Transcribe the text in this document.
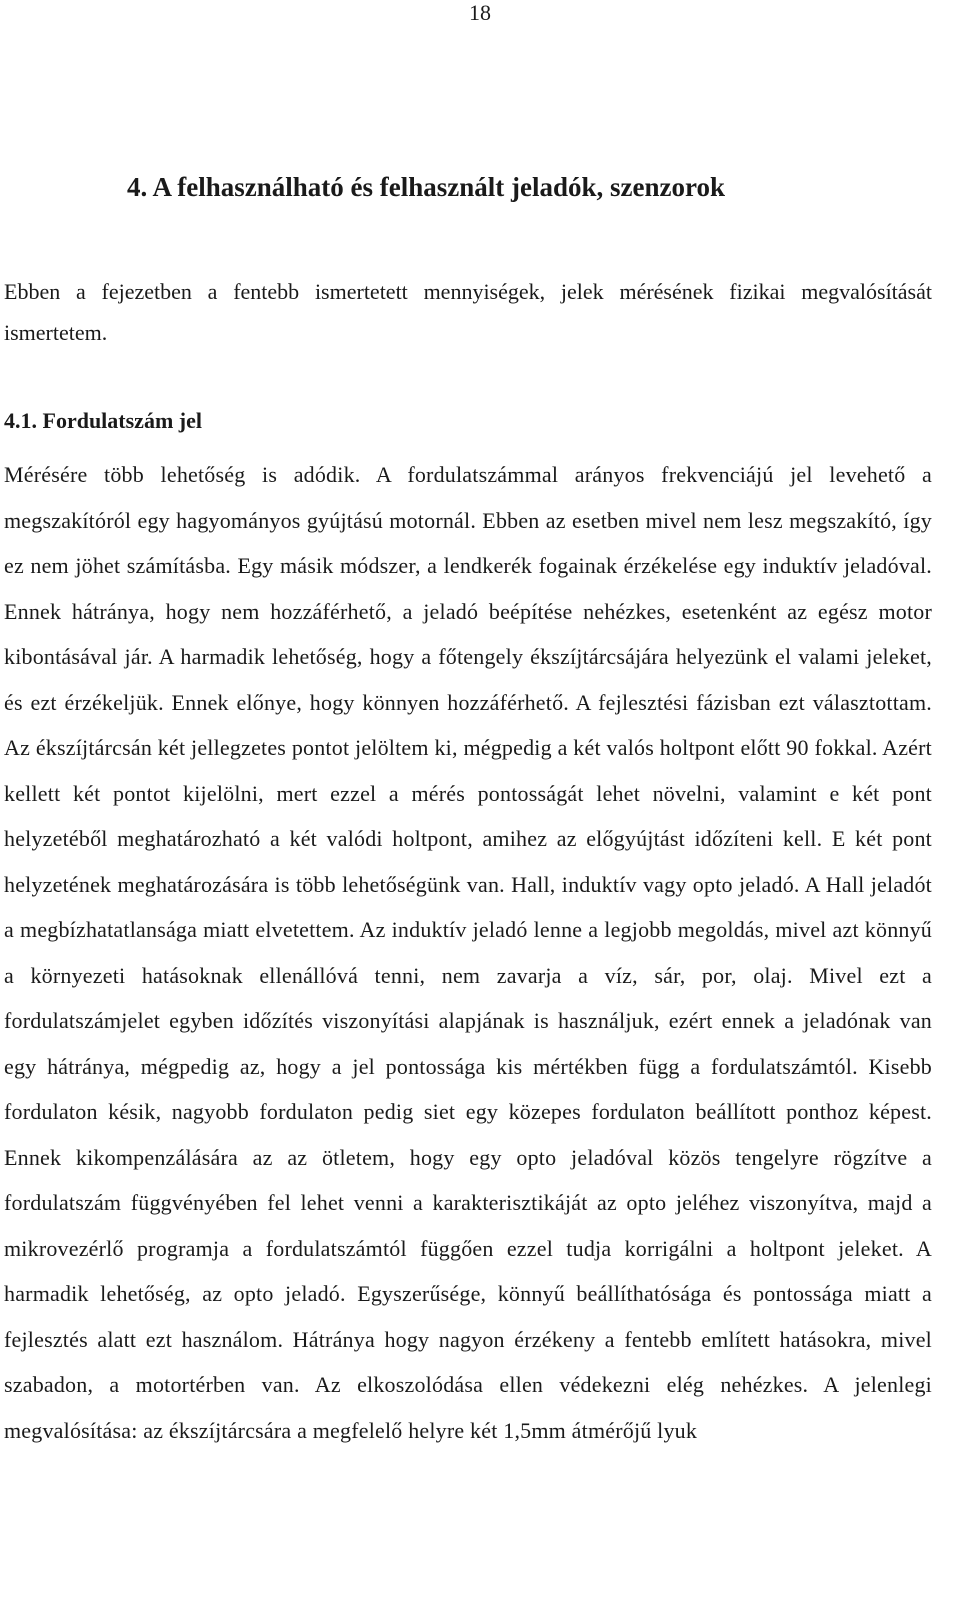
18
4. A felhasználható és felhasznált jeladók, szenzorok

Ebben a fejezetben a fentebb ismertetett mennyiségek, jelek mérésének fizikai megvalósítását ismertetem.

4.1. Fordulatszám jel

Mérésére több lehetőség is adódik. A fordulatszámmal arányos frekvenciájú jel levehető a megszakítóról egy hagyományos gyújtású motornál. Ebben az esetben mivel nem lesz megszakító, így ez nem jöhet számításba. Egy másik módszer, a lendkerék fogainak érzékelése egy induktív jeladóval. Ennek hátránya, hogy nem hozzáférhető, a jeladó beépítése nehézkes, esetenként az egész motor kibontásával jár. A harmadik lehetőség, hogy a főtengely ékszíjtárcsájára helyezünk el valami jeleket, és ezt érzékeljük. Ennek előnye, hogy könnyen hozzáférhető. A fejlesztési fázisban ezt választottam. Az ékszíjtárcsán két jellegzetes pontot jelöltem ki, mégpedig a két valós holtpont előtt 90 fokkal. Azért kellett két pontot kijelölni, mert ezzel a mérés pontosságát lehet növelni, valamint e két pont helyzetéből meghatározható a két valódi holtpont, amihez az előgyújtást időzíteni kell. E két pont helyzetének meghatározására is több lehetőségünk van. Hall, induktív vagy opto jeladó. A Hall jeladót a megbízhatatlansága miatt elvetettem. Az induktív jeladó lenne a legjobb megoldás, mivel azt könnyű a környezeti hatásoknak ellenállóvá tenni, nem zavarja a víz, sár, por, olaj. Mivel ezt a fordulatszámjelet egyben időzítés viszonyítási alapjának is használjuk, ezért ennek a jeladónak van egy hátránya, mégpedig az, hogy a jel pontossága kis mértékben függ a fordulatszámtól. Kisebb fordulaton késik, nagyobb fordulaton pedig siet egy közepes fordulaton beállított ponthoz képest. Ennek kikompenzálására az az ötletem, hogy egy opto jeladóval közös tengelyre rögzítve a fordulatszám függvényében fel lehet venni a karakterisztikáját az opto jeléhez viszonyítva, majd a mikrovezérlő programja a fordulatszámtól függően ezzel tudja korrigálni a holtpont jeleket. A harmadik lehetőség, az opto jeladó. Egyszerűsége, könnyű beállíthatósága és pontossága miatt a fejlesztés alatt ezt használom. Hátránya hogy nagyon érzékeny a fentebb említett hatásokra, mivel szabadon, a motortérben van. Az elkoszolódása ellen védekezni elég nehézkes. A jelenlegi megvalósítása: az ékszíjtárcsára a megfelelő helyre két 1,5mm átmérőjű lyuk
